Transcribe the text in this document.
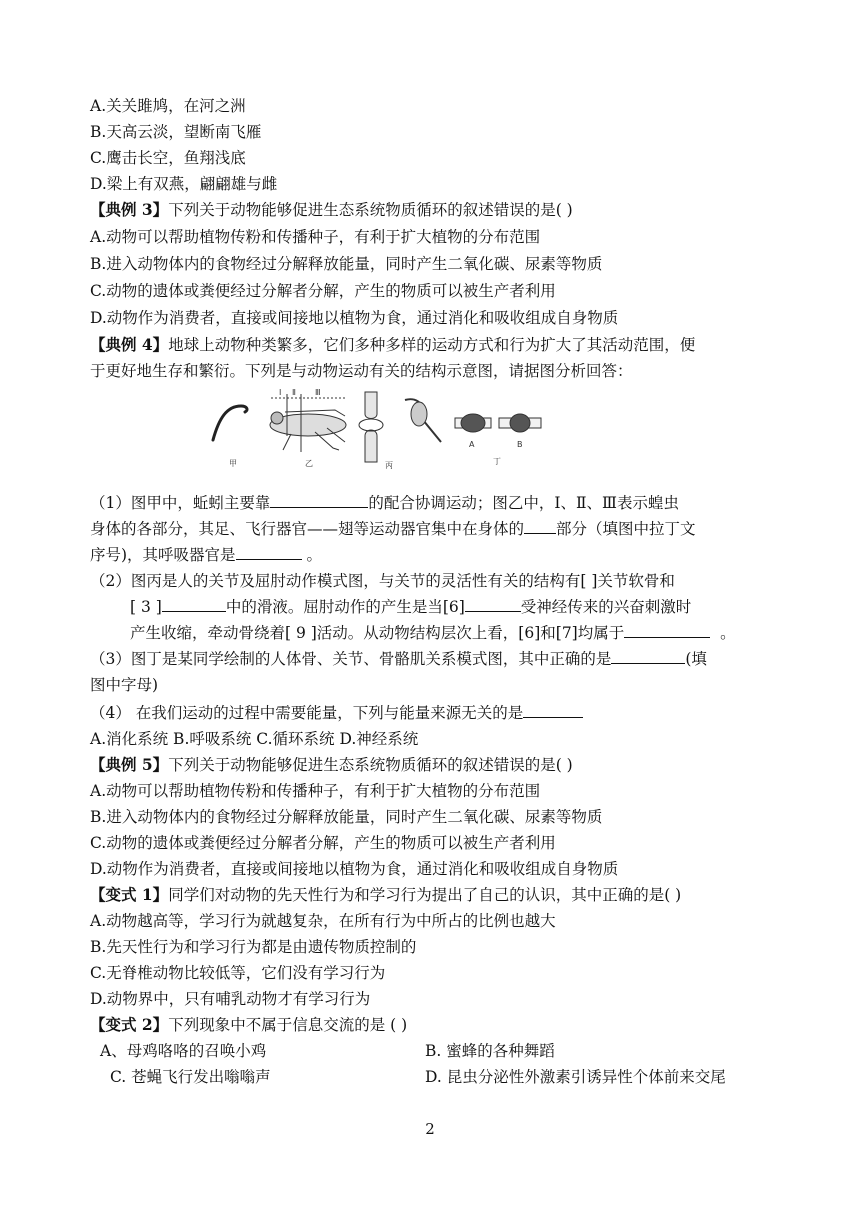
A.关关雎鸠，在河之洲
B.天高云淡，望断南飞雁
C.鹰击长空，鱼翔浅底
D.梁上有双燕，翩翩雄与雌
【典例 3】下列关于动物能够促进生态系统物质循环的叙述错误的是( )
A.动物可以帮助植物传粉和传播种子，有利于扩大植物的分布范围
B.进入动物体内的食物经过分解释放能量，同时产生二氧化碳、尿素等物质
C.动物的遗体或粪便经过分解者分解，产生的物质可以被生产者利用
D.动物作为消费者，直接或间接地以植物为食，通过消化和吸收组成自身物质
【典例 4】地球上动物种类繁多，它们多种多样的运动方式和行为扩大了其活动范围，便
于更好地生存和繁衍。下列是与动物运动有关的结构示意图，请据图分析回答：
甲	乙	丙	丁
A	B
Ⅰ Ⅱ Ⅲ
（1）图甲中，蚯蚓主要靠	的配合协调运动；图乙中，Ⅰ、Ⅱ、Ⅲ表示蝗虫
身体的各部分，其足、飞行器官——翅等运动器官集中在身体的 部分（填图中拉丁文
序号)，其呼吸器官是	。
（2）图丙是人的关节及屈肘动作模式图，与关节的灵活性有关的结构有[ ]关节软骨和
[ 3 ]	中的滑液。屈肘动作的产生是当[6]	受神经传来的兴奋刺激时
产生收缩，牵动骨绕着[ 9 ]活动。从动物结构层次上看，[6]和[7]均属于	。
（3）图丁是某同学绘制的人体骨、关节、骨骼肌关系模式图，其中正确的是	(填
图中字母)
（4） 在我们运动的过程中需要能量，下列与能量来源无关的是
A.消化系统 B.呼吸系统 C.循环系统 D.神经系统
【典例 5】下列关于动物能够促进生态系统物质循环的叙述错误的是( )
A.动物可以帮助植物传粉和传播种子，有利于扩大植物的分布范围
B.进入动物体内的食物经过分解释放能量，同时产生二氧化碳、尿素等物质
C.动物的遗体或粪便经过分解者分解，产生的物质可以被生产者利用
D.动物作为消费者，直接或间接地以植物为食，通过消化和吸收组成自身物质
【变式 1】同学们对动物的先天性行为和学习行为提出了自己的认识，其中正确的是( )
A.动物越高等，学习行为就越复杂，在所有行为中所占的比例也越大
B.先天性行为和学习行为都是由遗传物质控制的
C.无脊椎动物比较低等，它们没有学习行为
D.动物界中，只有哺乳动物才有学习行为
【变式 2】下列现象中不属于信息交流的是 ( )
A、母鸡咯咯的召唤小鸡	B. 蜜蜂的各种舞蹈
C. 苍蝇飞行发出嗡嗡声	D. 昆虫分泌性外激素引诱异性个体前来交尾
2
